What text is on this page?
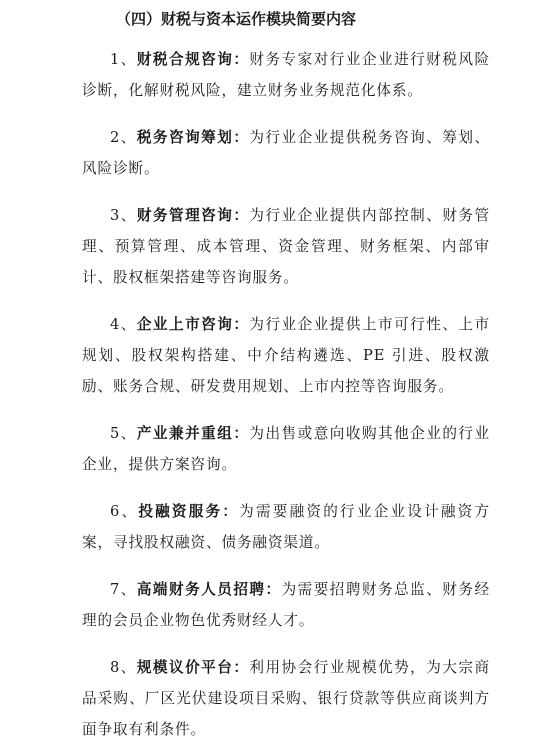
（四）财税与资本运作模块简要内容

1、财税合规咨询：财务专家对行业企业进行财税风险诊断，化解财税风险，建立财务业务规范化体系。

2、税务咨询筹划：为行业企业提供税务咨询、筹划、风险诊断。

3、财务管理咨询：为行业企业提供内部控制、财务管理、预算管理、成本管理、资金管理、财务框架、内部审计、股权框架搭建等咨询服务。

4、企业上市咨询：为行业企业提供上市可行性、上市规划、股权架构搭建、中介结构遴选、PE 引进、股权激励、账务合规、研发费用规划、上市内控等咨询服务。

5、产业兼并重组：为出售或意向收购其他企业的行业企业，提供方案咨询。

6、投融资服务：为需要融资的行业企业设计融资方案，寻找股权融资、债务融资渠道。

7、高端财务人员招聘：为需要招聘财务总监、财务经理的会员企业物色优秀财经人才。

8、规模议价平台：利用协会行业规模优势，为大宗商品采购、厂区光伏建设项目采购、银行贷款等供应商谈判方面争取有利条件。
